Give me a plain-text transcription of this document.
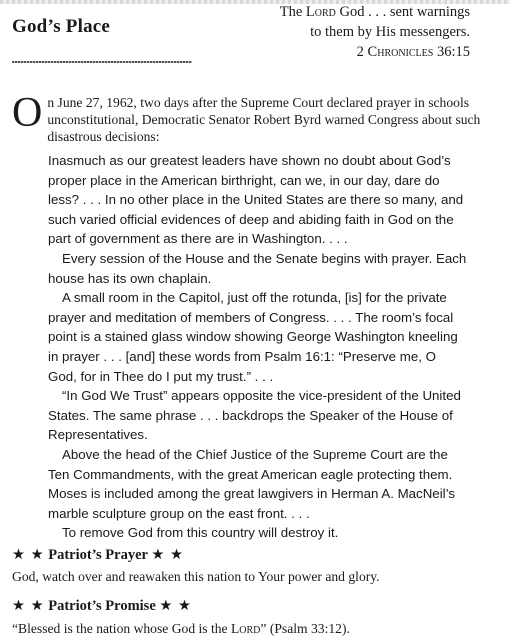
God’s Place
The Lord God . . . sent warnings
to them by His messengers.
2 Chronicles 36:15
On June 27, 1962, two days after the Supreme Court declared prayer in schools unconstitutional, Democratic Senator Robert Byrd warned Congress about such disastrous decisions:

Inasmuch as our greatest leaders have shown no doubt about God’s proper place in the American birthright, can we, in our day, dare do less? . . . In no other place in the United States are there so many, and such varied official evidences of deep and abiding faith in God on the part of government as there are in Washington. . . .

Every session of the House and the Senate begins with prayer. Each house has its own chaplain.

A small room in the Capitol, just off the rotunda, [is] for the private prayer and meditation of members of Congress. . . . The room’s focal point is a stained glass window showing George Washington kneeling in prayer . . . [and] these words from Psalm 16:1: “Preserve me, O God, for in Thee do I put my trust.” . . .

“In God We Trust” appears opposite the vice-president of the United States. The same phrase . . . backdrops the Speaker of the House of Representatives.

Above the head of the Chief Justice of the Supreme Court are the Ten Commandments, with the great American eagle protecting them. Moses is included among the great lawgivers in Herman A. MacNeil’s marble sculpture group on the east front. . . .

To remove God from this country will destroy it.

★ ★ Patriot’s Prayer ★ ★
God, watch over and reawaken this nation to Your power and glory.
★ ★ Patriot’s Promise ★ ★
“Blessed is the nation whose God is the Lord” (Psalm 33:12).
